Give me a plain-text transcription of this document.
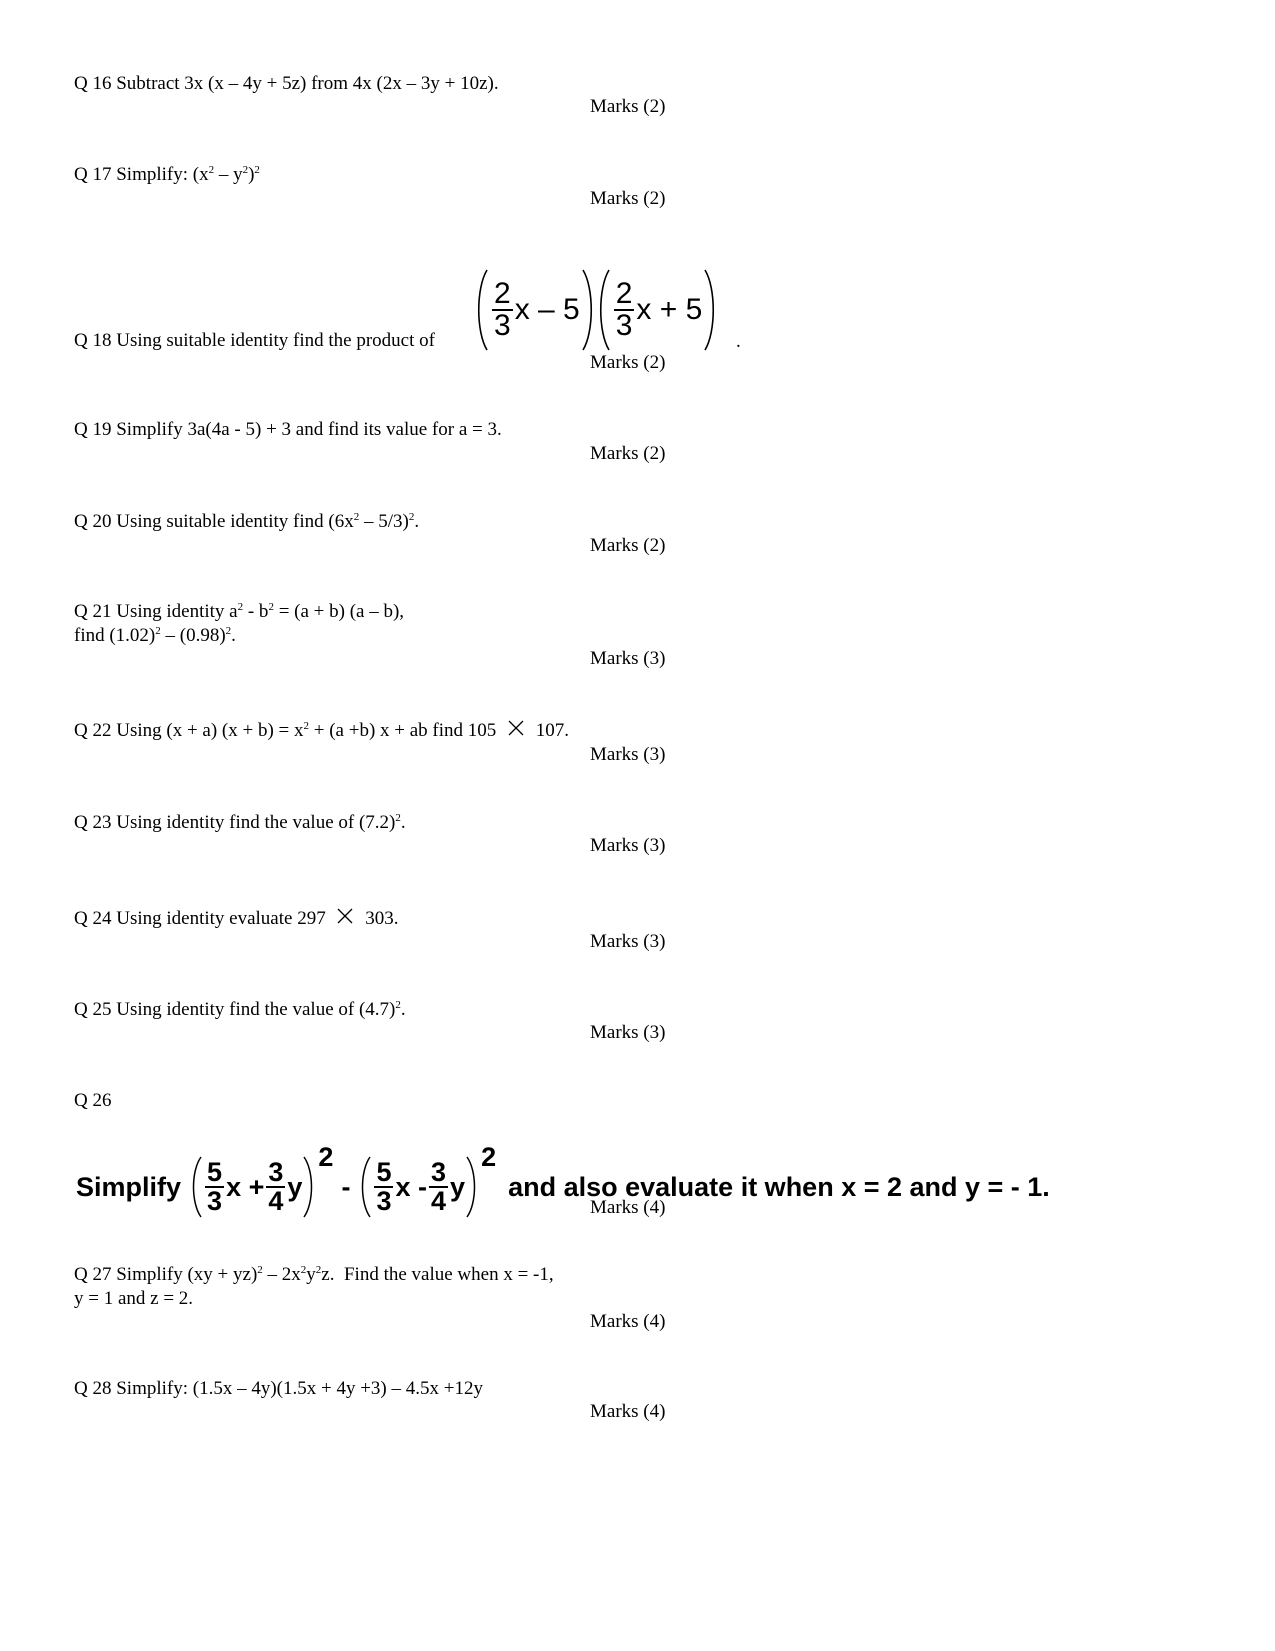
Q 16 Subtract 3x (x – 4y + 5z) from 4x (2x – 3y + 10z).
Marks (2)
Q 17 Simplify: $(x^2 - y^2)^2$
Marks (2)
Q 18 Using suitable identity find the product of $\frac{2}{3}$ x – $5 \frac{2}{3}$ x + 5
.
Marks (2)
Q 19 Simplify 3a(4a - 5) + 3 and find its value for a = 3.
Marks (2)
Q 20 Using suitable identity find $(6x^2 - 5/3)^2$.
Marks (2)
Q 21 Using identity $a^2 - b^2 = (a + b)$ (a – b),
find $(1.02)^2 - (0.98)^2$.
Marks (3)
Q 22 Using (x + a) $(x + b) = x^2 + (a +b) x$ + ab find 105 107.
Marks (3)
Q 23 Using identity find the value of $(7.2)^2$.
Marks (3)
Q 24 Using identity evaluate 297 303.
Marks (3)
Q 25 Using identity find the value of $(4.7)^2$.
Marks (3)
Q 26
Simplify $\frac{5}{3}$ $x + \frac{3}{4}$ y
2
- $\frac{5}{3}$ x - $\frac{3}{4}$ y
2
and also evaluate it when x = 2 and y = - 1.
Marks (4)
Q 27 Simplify $(xy + yz)^2 - 2x^2y^2z$.  Find the value when x = -1,
y = 1 and z = 2.
Marks (4)
Q 28 Simplify: (1.5x – 4y)(1.5x + 4y +3) – 4.5x +12y
Marks (4)
